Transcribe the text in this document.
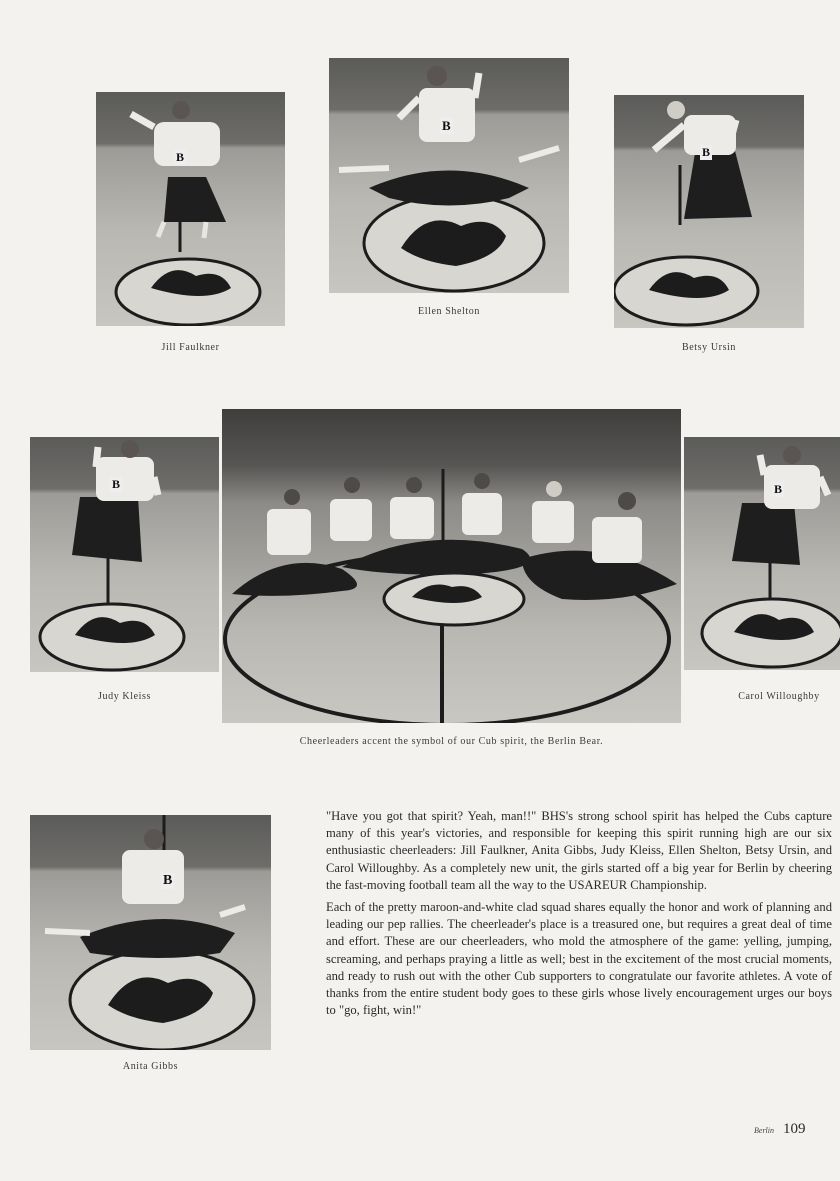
B
Jill Faulkner
B
Ellen Shelton
B
Betsy Ursin
B
Judy Kleiss
Cheerleaders accent the symbol of our Cub spirit, the Berlin Bear.
B
Carol Willoughby
B
Anita Gibbs

"Have you got that spirit? Yeah, man!!" BHS's strong school spirit has helped the Cubs capture many of this year's victories, and responsible for keeping this spirit running high are our six enthusiastic cheerleaders: Jill Faulkner, Anita Gibbs, Judy Kleiss, Ellen Shelton, Betsy Ursin, and Carol Willoughby. As a completely new unit, the girls started off a big year for Berlin by cheering the fast-moving football team all the way to the USAREUR Championship.

Each of the pretty maroon-and-white clad squad shares equally the honor and work of planning and leading our pep rallies. The cheerleader's place is a treasured one, but requires a great deal of time and effort. These are our cheerleaders, who mold the atmosphere of the game: yelling, jumping, screaming, and perhaps praying a little as well; best in the excitement of the most crucial moments, and ready to rush out with the other Cub supporters to congratulate our favorite athletes. A vote of thanks from the entire student body goes to these girls whose lively encouragement urges our boys to "go, fight, win!"

Berlin 109
